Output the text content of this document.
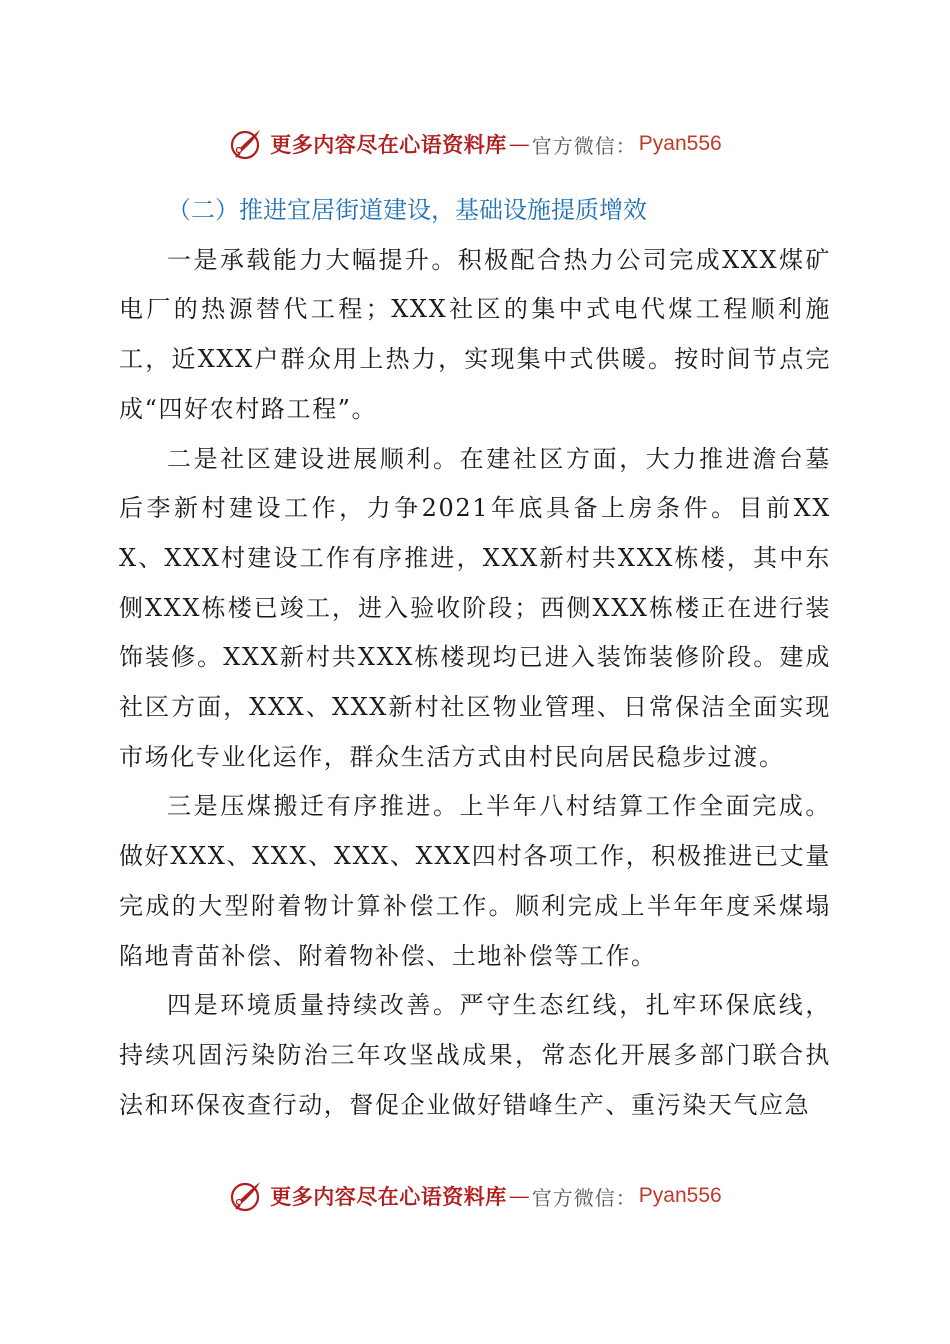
更多内容尽在心语资料库 — 官方微信： Pyan556

（二）推进宜居街道建设，基础设施提质增效

一是承载能力大幅提升。积极配合热力公司完成XXX煤矿电厂的热源替代工程；XXX社区的集中式电代煤工程顺利施工，近XXX户群众用上热力，实现集中式供暖。按时间节点完成“四好农村路工程”。

二是社区建设进展顺利。在建社区方面，大力推进澹台墓后李新村建设工作，力争2021年底具备上房条件。目前XXX、XXX村建设工作有序推进，XXX新村共XXX栋楼，其中东侧XXX栋楼已竣工，进入验收阶段；西侧XXX栋楼正在进行装饰装修。XXX新村共XXX栋楼现均已进入装饰装修阶段。建成社区方面，XXX、XXX新村社区物业管理、日常保洁全面实现市场化专业化运作，群众生活方式由村民向居民稳步过渡。

三是压煤搬迁有序推进。上半年八村结算工作全面完成。做好XXX、XXX、XXX、XXX四村各项工作，积极推进已丈量完成的大型附着物计算补偿工作。顺利完成上半年年度采煤塌陷地青苗补偿、附着物补偿、土地补偿等工作。

四是环境质量持续改善。严守生态红线，扎牢环保底线，持续巩固污染防治三年攻坚战成果，常态化开展多部门联合执法和环保夜查行动，督促企业做好错峰生产、重污染天气应急

更多内容尽在心语资料库 — 官方微信： Pyan556
